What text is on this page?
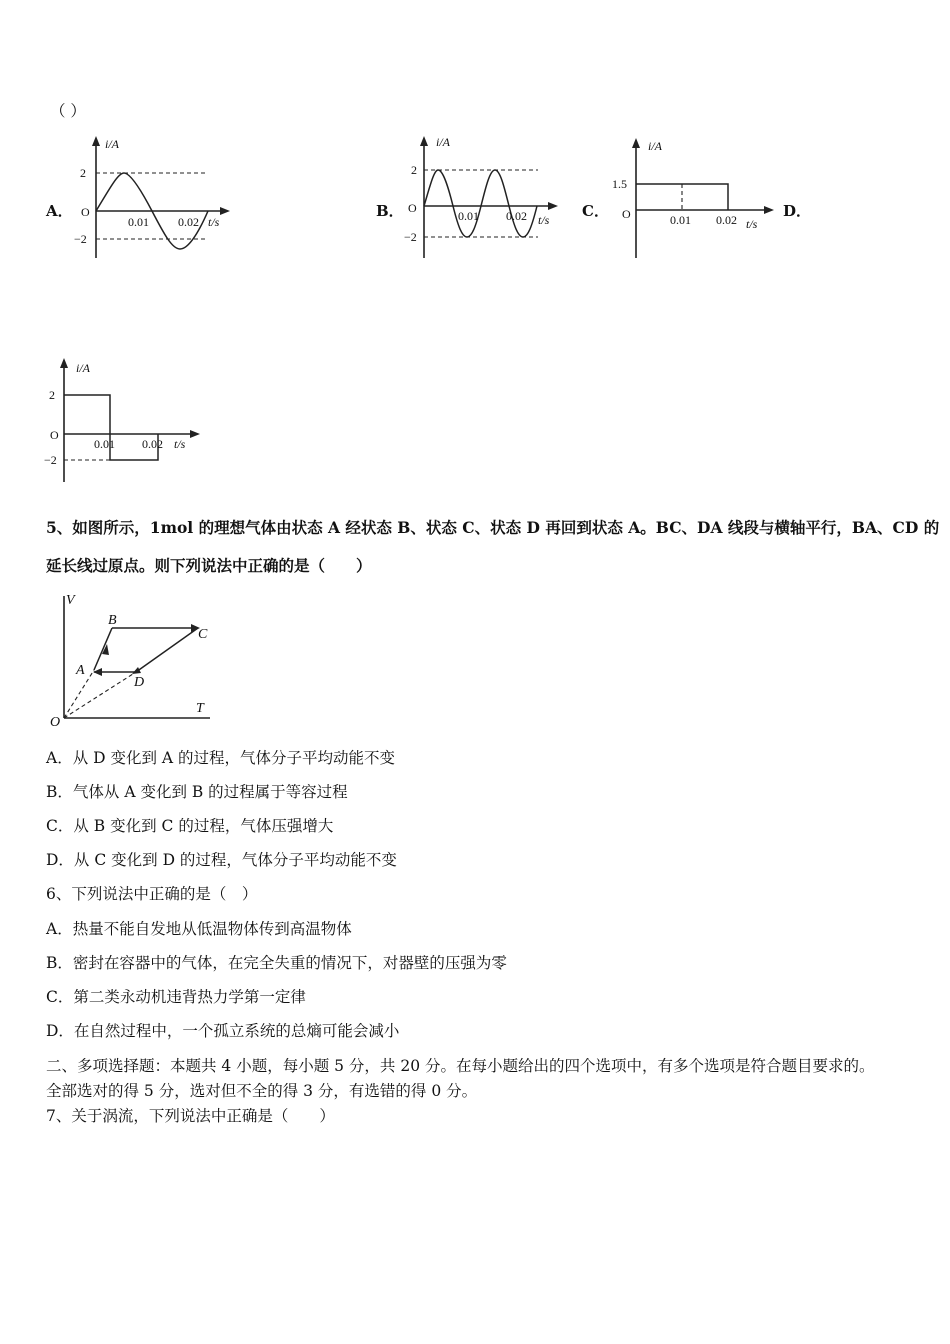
（ ）
A．	B．	C．	D．
i/A
2
−2
O
0.01 0.02 t/s
i/A
2
−2
O
0.01 0.02 t/s
i/A
1.5
O	0.01 0.02 t/s
i/A
2
−2
O
0.01 0.02 t/s
5、如图所示，1mol 的理想气体由状态 A 经状态 B、状态 C、状态 D 再回到状态 A。BC、DA 线段与横轴平行，BA、CD 的
延长线过原点。则下列说法中正确的是（　　）
V
T
O
A
B
C
D
A．从 D 变化到 A 的过程，气体分子平均动能不变
B．气体从 A 变化到 B 的过程属于等容过程
C．从 B 变化到 C 的过程，气体压强增大
D．从 C 变化到 D 的过程，气体分子平均动能不变
6、下列说法中正确的是（　）
A．热量不能自发地从低温物体传到高温物体
B．密封在容器中的气体，在完全失重的情况下，对器壁的压强为零
C．第二类永动机违背热力学第一定律
D．在自然过程中，一个孤立系统的总熵可能会减小
二、多项选择题：本题共 4 小题，每小题 5 分，共 20 分。在每小题给出的四个选项中，有多个选项是符合题目要求的。
全部选对的得 5 分，选对但不全的得 3 分，有选错的得 0 分。
7、关于涡流，下列说法中正确是（　　）
